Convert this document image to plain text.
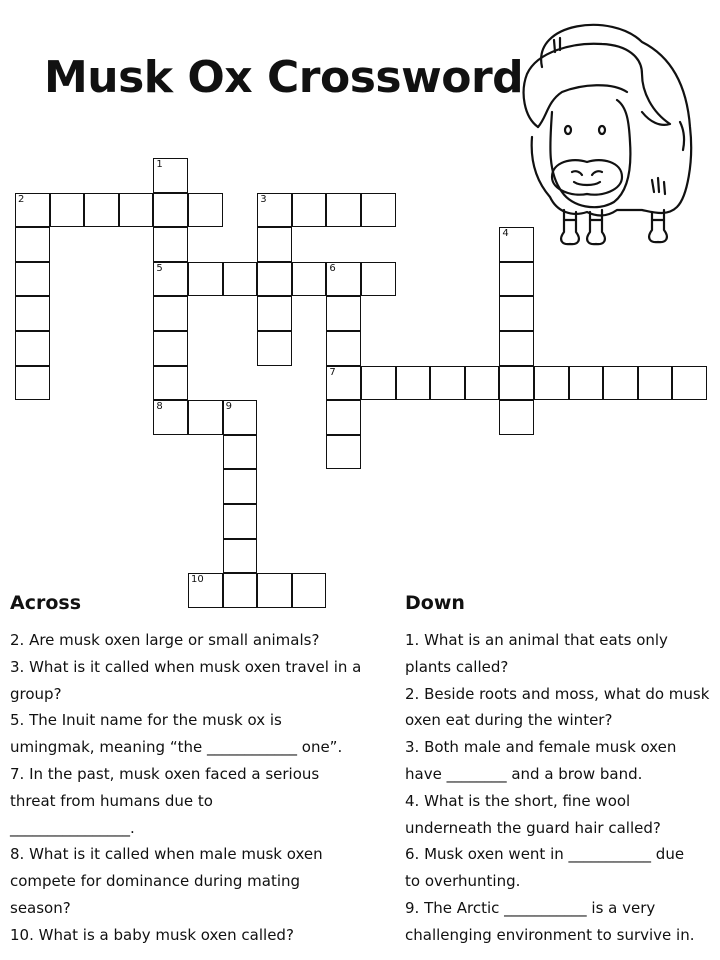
Musk Ox Crossword
2	3
5	6
7
8	9
10
1
4
Across	Down
2. Are musk oxen large or small animals?
3. What is it called when musk oxen travel in a
group?
5. The Inuit name for the musk ox is
umingmak, meaning “the ____________ one”.
7. In the past, musk oxen faced a serious
threat from humans due to
________________.
8. What is it called when male musk oxen
compete for dominance during mating
season?
10. What is a baby musk oxen called?
1. What is an animal that eats only
plants called?
2. Beside roots and moss, what do musk
oxen eat during the winter?
3. Both male and female musk oxen
have ________ and a brow band.
4. What is the short, fine wool
underneath the guard hair called?
6. Musk oxen went in ___________ due
to overhunting.
9. The Arctic ___________ is a very
challenging environment to survive in.
